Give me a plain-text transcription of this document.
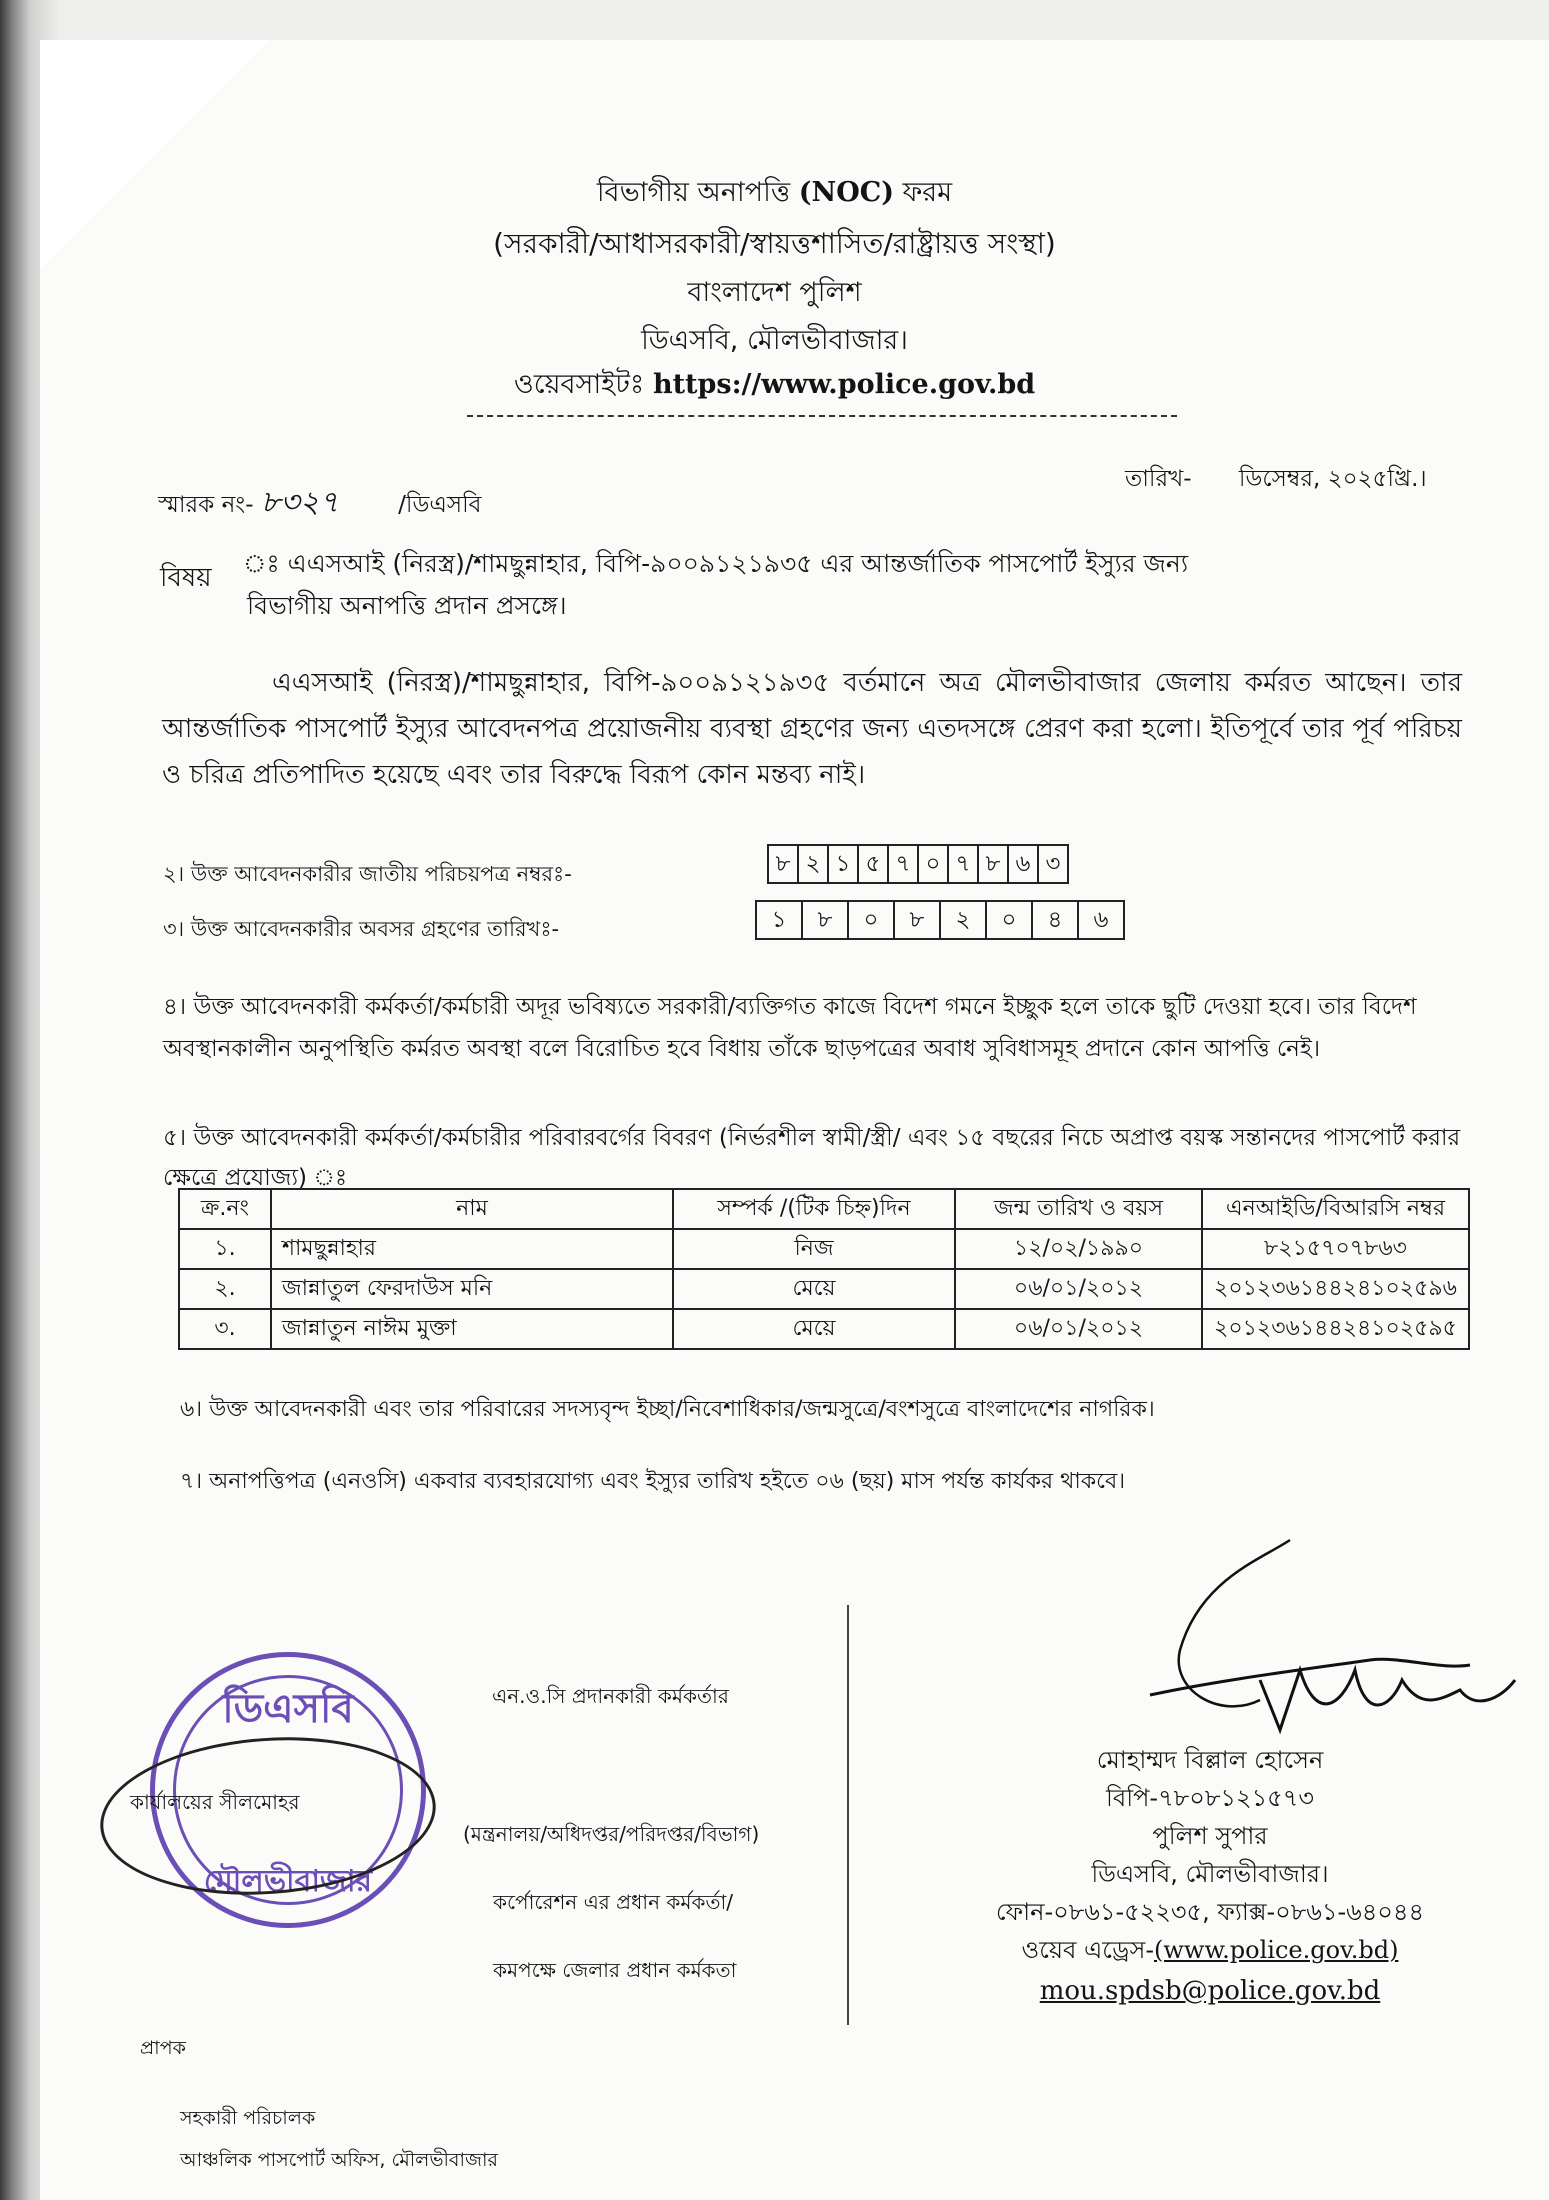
বিভাগীয় অনাপত্তি (NOC) ফরম
(সরকারী/আধাসরকারী/স্বায়ত্তশাসিত/রাষ্ট্রায়ত্ত সংস্থা)
বাংলাদেশ পুলিশ
ডিএসবি, মৌলভীবাজার।
ওয়েবসাইটঃ https://www.police.gov.bd
স্মারক নং- ৮৩২৭	/ডিএসবি
তারিখ- ডিসেম্বর, ২০২৫খ্রি.।
বিষয় ঃ এএসআই (নিরস্ত্র)/শামছুন্নাহার, বিপি-৯০০৯১২১৯৩৫ এর আন্তর্জাতিক পাসপোর্ট ইস্যুর জন্য
বিভাগীয় অনাপত্তি প্রদান প্রসঙ্গে।
এএসআই (নিরস্ত্র)/শামছুন্নাহার, বিপি-৯০০৯১২১৯৩৫ বর্তমানে অত্র মৌলভীবাজার জেলায় কর্মরত আছেন। তার আন্তর্জাতিক পাসপোর্ট ইস্যুর আবেদনপত্র প্রয়োজনীয় ব্যবস্থা গ্রহণের জন্য এতদসঙ্গে প্রেরণ করা হলো। ইতিপূর্বে তার পূর্ব পরিচয় ও চরিত্র প্রতিপাদিত হয়েছে এবং তার বিরুদ্ধে বিরূপ কোন মন্তব্য নাই।
২। উক্ত আবেদনকারীর জাতীয় পরিচয়পত্র নম্বরঃ-	৮ ২ ১ ৫ ৭ ০ ৭ ৮ ৬ ৩
৩। উক্ত আবেদনকারীর অবসর গ্রহণের তারিখঃ-	১	৮	০	৮	২	০	৪	৬
৪। উক্ত আবেদনকারী কর্মকর্তা/কর্মচারী অদূর ভবিষ্যতে সরকারী/ব্যক্তিগত কাজে বিদেশ গমনে ইচ্ছুক হলে তাকে ছুটি দেওয়া হবে। তার বিদেশ অবস্থানকালীন অনুপস্থিতি কর্মরত অবস্থা বলে বিরোচিত হবে বিধায় তাঁকে ছাড়পত্রের অবাধ সুবিধাসমূহ প্রদানে কোন আপত্তি নেই।
৫। উক্ত আবেদনকারী কর্মকর্তা/কর্মচারীর পরিবারবর্গের বিবরণ (নির্ভরশীল স্বামী/স্ত্রী/ এবং ১৫ বছরের নিচে অপ্রাপ্ত বয়স্ক সন্তানদের পাসপোর্ট করার ক্ষেত্রে প্রযোজ্য) ঃ
ক্র.নং	নাম	সম্পর্ক /(টিক চিহ্ন)দিন	জন্ম তারিখ ও বয়স	এনআইডি/বিআরসি নম্বর
১.	শামছুন্নাহার	নিজ	১২/০২/১৯৯০	৮২১৫৭০৭৮৬৩
২.	জান্নাতুল ফেরদাউস মনি	মেয়ে	০৬/০১/২০১২	২০১২৩৬১৪৪২৪১০২৫৯৬
৩.	জান্নাতুন নাঈম মুক্তা	মেয়ে	০৬/০১/২০১২	২০১২৩৬১৪৪২৪১০২৫৯৫
৬। উক্ত আবেদনকারী এবং তার পরিবারের সদস্যবৃন্দ ইচ্ছা/নিবেশাধিকার/জন্মসুত্রে/বংশসুত্রে বাংলাদেশের নাগরিক।
৭। অনাপত্তিপত্র (এনওসি) একবার ব্যবহারযোগ্য এবং ইস্যুর তারিখ হইতে ০৬ (ছয়) মাস পর্যন্ত কার্যকর থাকবে।
ডিএসবি
মৌলভীবাজার
কার্যালয়ের সীলমোহর
এন.ও.সি প্রদানকারী কর্মকর্তার
(মন্ত্রনালয়/অধিদপ্তর/পরিদপ্তর/বিভাগ)
কর্পোরেশন এর প্রধান কর্মকর্তা/
কমপক্ষে জেলার প্রধান কর্মকতা
মোহাম্মদ বিল্লাল হোসেন
বিপি-৭৮০৮১২১৫৭৩
পুলিশ সুপার
ডিএসবি, মৌলভীবাজার।
ফোন-০৮৬১-৫২২৩৫, ফ্যাক্স-০৮৬১-৬৪০৪৪
ওয়েব এড্রেস-(www.police.gov.bd)
mou.spdsb@police.gov.bd
প্রাপক
সহকারী পরিচালক
আঞ্চলিক পাসপোর্ট অফিস, মৌলভীবাজার
